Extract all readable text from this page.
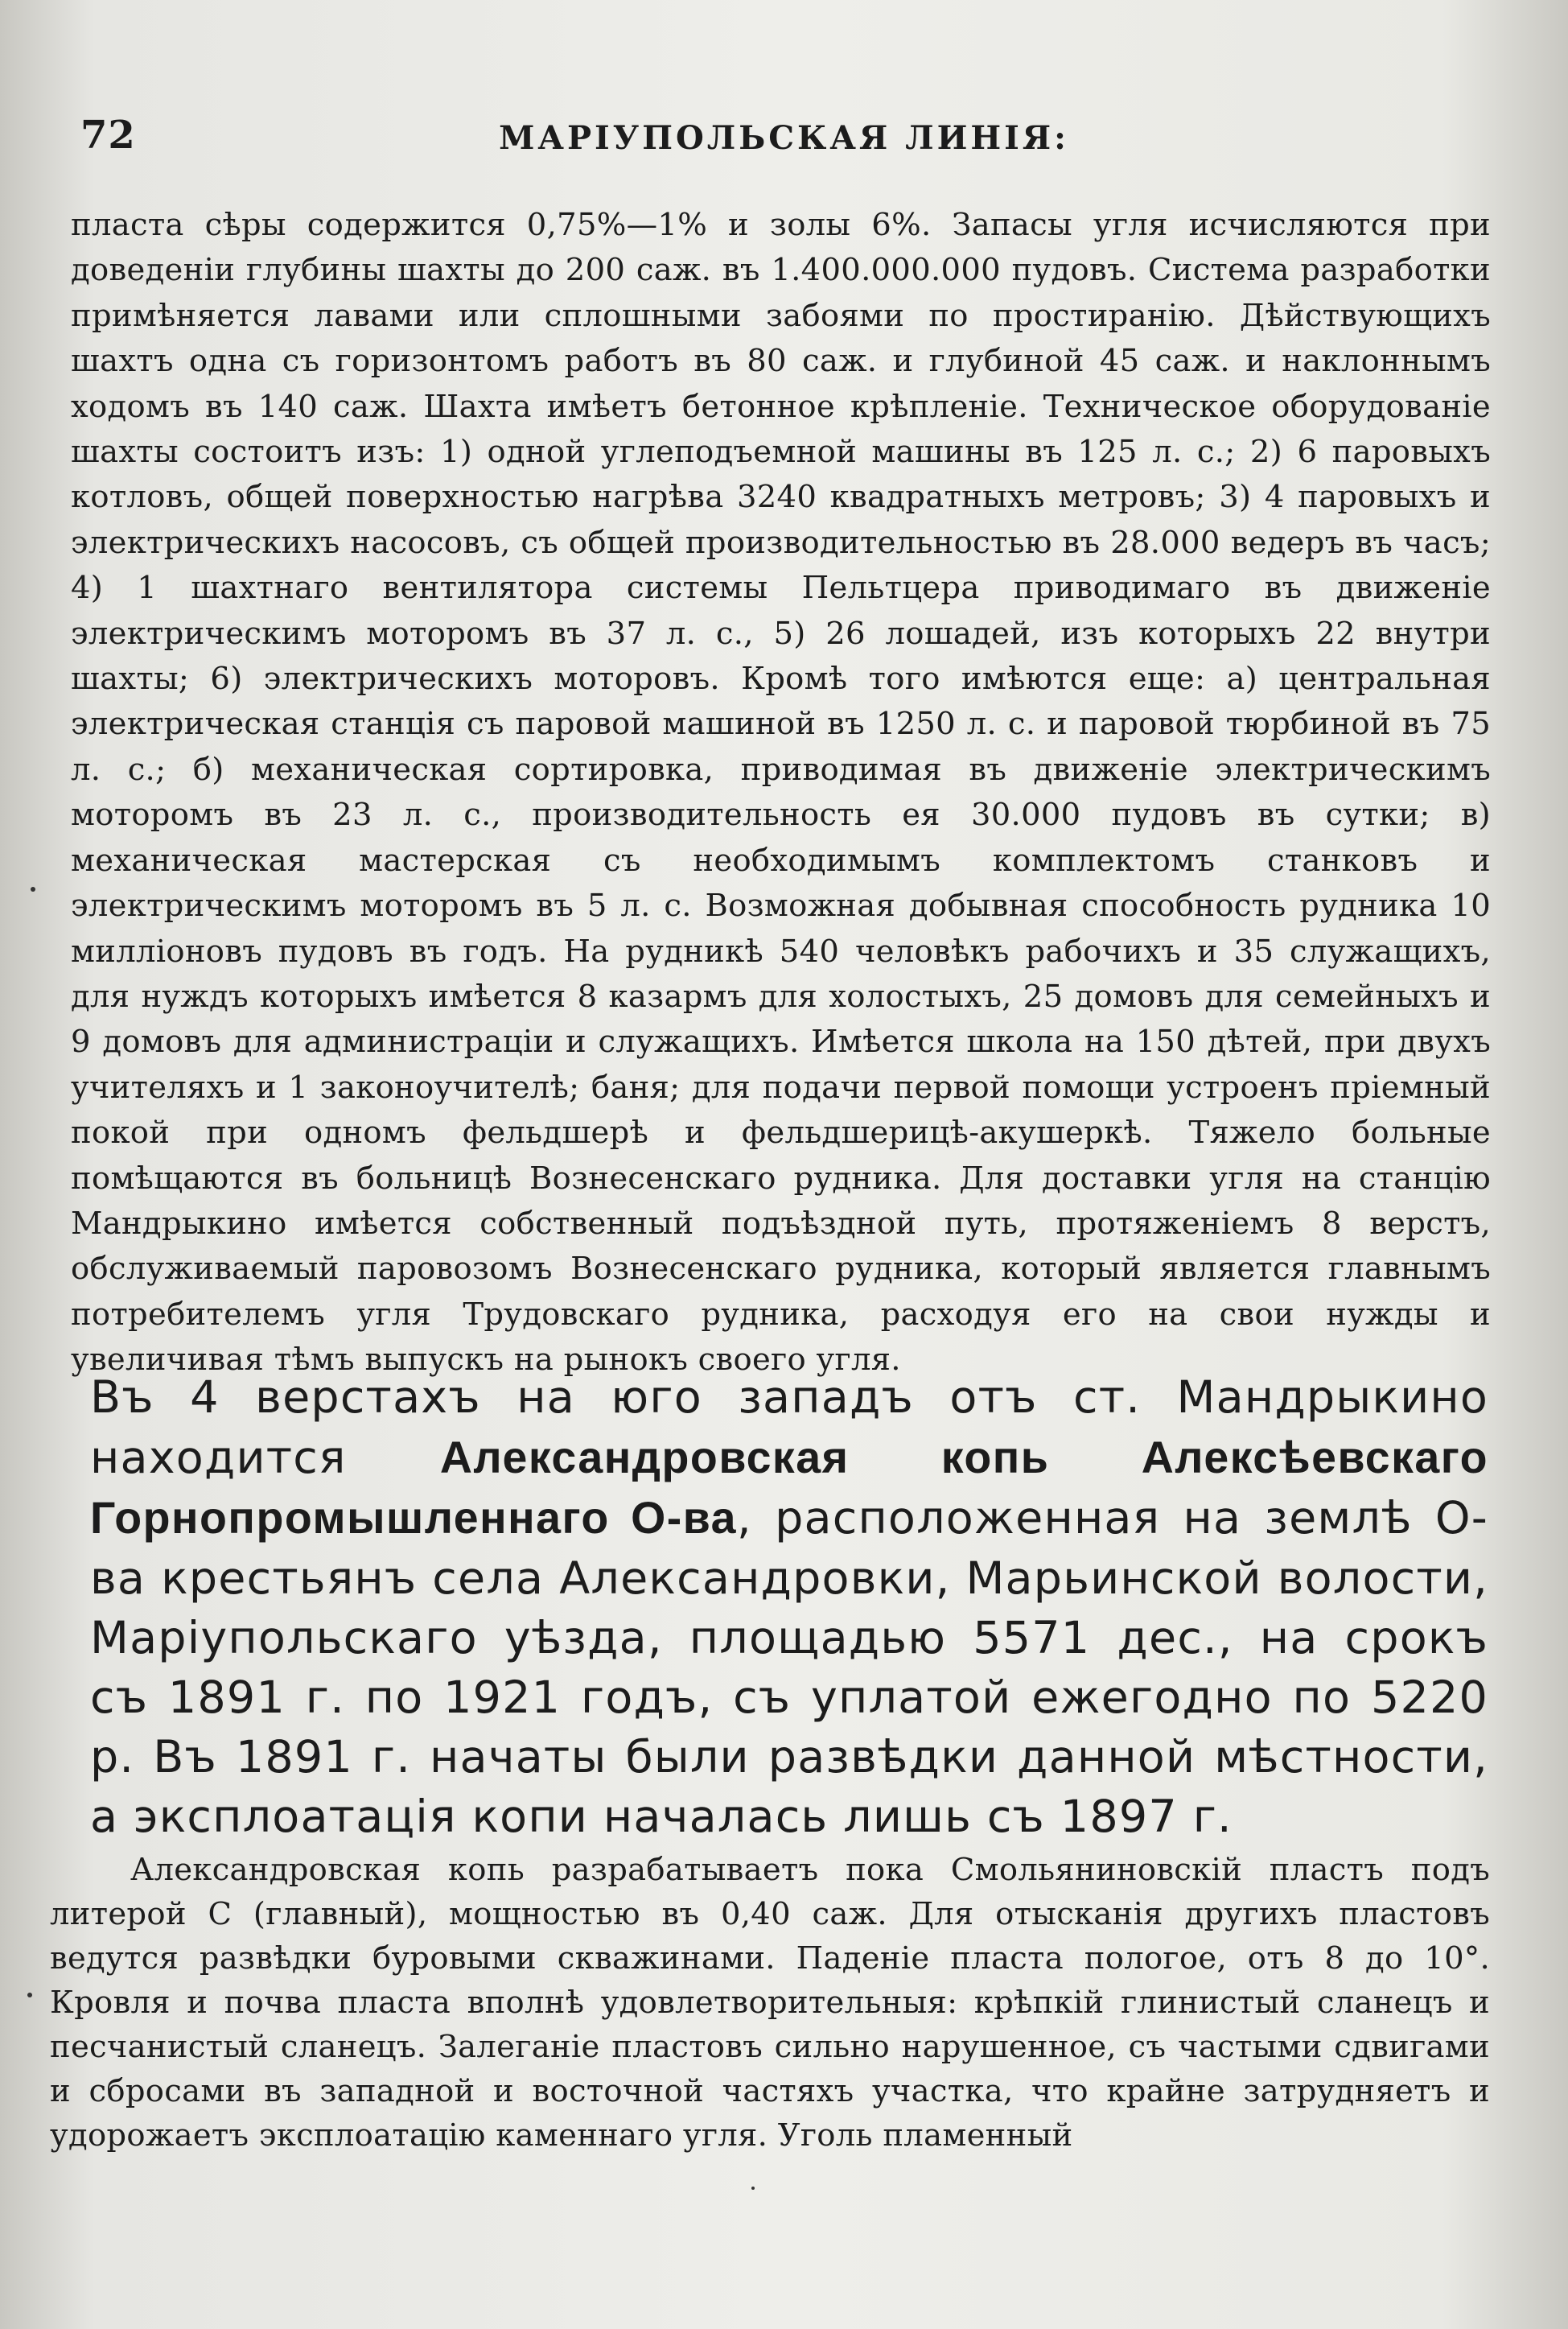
72	МАРІУПОЛЬСКАЯ ЛИНІЯ:

пласта сѣры содержится 0,75%—1% и золы 6%. Запасы угля исчисляются при доведеніи глубины шахты до 200 саж. въ 1.400.000.000 пудовъ. Система разработки примѣняется лавами или сплошными забоями по простиранію. Дѣйствующихъ шахтъ одна съ горизонтомъ работъ въ 80 саж. и глубиной 45 саж. и наклоннымъ ходомъ въ 140 саж. Шахта имѣетъ бетонное крѣпленіе. Техническое оборудованіе шахты состоитъ изъ: 1) одной углеподъемной машины въ 125 л. с.; 2) 6 паровыхъ котловъ, общей поверхностью нагрѣва 3240 квадратныхъ метровъ; 3) 4 паровыхъ и электрическихъ насосовъ, съ общей производительностью въ 28.000 ведеръ въ часъ; 4) 1 шахтнаго вентилятора системы Пельтцера приводимаго въ движеніе электрическимъ моторомъ въ 37 л. с., 5) 26 лошадей, изъ которыхъ 22 внутри шахты; 6) электрическихъ моторовъ. Кромѣ того имѣются еще: а) центральная электрическая станція съ паровой машиной въ 1250 л. с. и паровой тюрбиной въ 75 л. с.; б) механическая сортировка, приводимая въ движеніе электрическимъ моторомъ въ 23 л. с., производительность ея 30.000 пудовъ въ сутки; в) механическая мастерская съ необходимымъ комплектомъ станковъ и электрическимъ моторомъ въ 5 л. с. Возможная добывная способность рудника 10 милліоновъ пудовъ въ годъ. На рудникѣ 540 человѣкъ рабочихъ и 35 служащихъ, для нуждъ которыхъ имѣется 8 казармъ для холостыхъ, 25 домовъ для семейныхъ и 9 домовъ для администраціи и служащихъ. Имѣется школа на 150 дѣтей, при двухъ учителяхъ и 1 законоучителѣ; баня; для подачи первой помощи устроенъ пріемный покой при одномъ фельдшерѣ и фельдшерицѣ-акушеркѣ. Тяжело больные помѣщаются въ больницѣ Вознесенскаго рудника. Для доставки угля на станцію Мандрыкино имѣется собственный подъѣздной путь, протяженіемъ 8 верстъ, обслуживаемый паровозомъ Вознесенскаго рудника, который является главнымъ потребителемъ угля Трудовскаго рудника, расходуя его на свои нужды и увеличивая тѣмъ выпускъ на рынокъ своего угля.

Въ 4 верстахъ на юго западъ отъ ст. Мандрыкино находится Александровская копь Алексѣевскаго Горнопромышленнаго О-ва, расположенная на землѣ О-ва крестьянъ села Александровки, Марьинской волости, Маріупольскаго уѣзда, площадью 5571 дес., на срокъ съ 1891 г. по 1921 годъ, съ уплатой ежегодно по 5220 р. Въ 1891 г. начаты были развѣдки данной мѣстности, а эксплоатація копи началась лишь съ 1897 г.

Александровская копь разрабатываетъ пока Смольяниновскій пластъ подъ литерой С (главный), мощностью въ 0,40 саж. Для отысканія другихъ пластовъ ведутся развѣдки буровыми скважинами. Паденіе пласта пологое, отъ 8 до 10°. Кровля и почва пласта вполнѣ удовлетворительныя: крѣпкій глинистый сланецъ и песчанистый сланецъ. Залеганіе пластовъ сильно нарушенное, съ частыми сдвигами и сбросами въ западной и восточной частяхъ участка, что крайне затрудняетъ и удорожаетъ эксплоатацію каменнаго угля. Уголь пламенный
